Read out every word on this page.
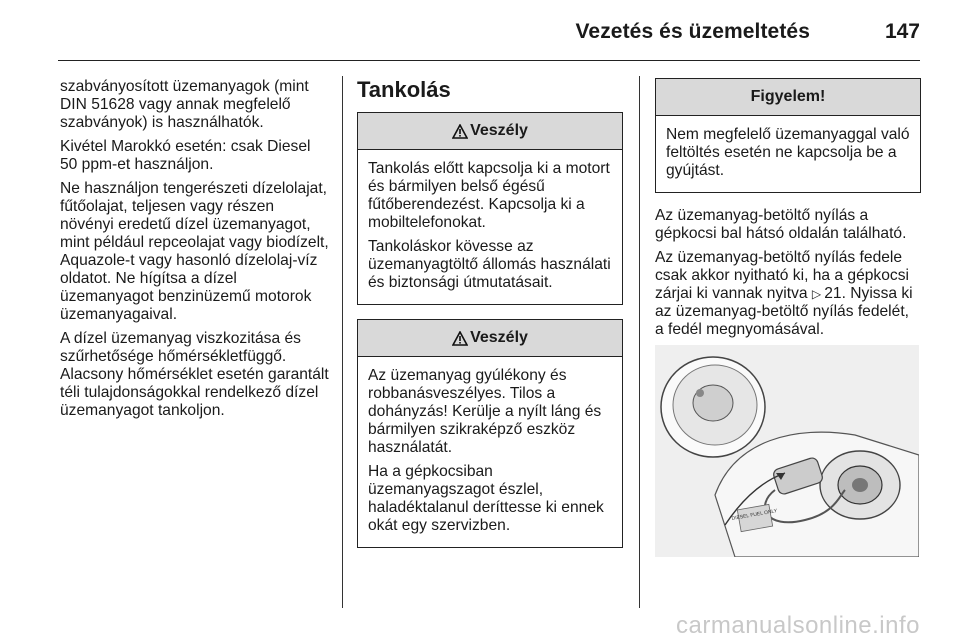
Vezetés és üzemeltetés	147

szabványosított üzemanyagok (mint DIN 51628 vagy annak megfelelő szabványok) is használhatók.

Kivétel Marokkó esetén: csak Diesel 50 ppm-et használjon.

Ne használjon tengerészeti dízelolajat, fűtőolajat, teljesen vagy részen növényi eredetű dízel üzemanyagot, mint például repceolajat vagy biodízelt, Aquazole-t vagy hasonló dízelolaj-víz oldatot. Ne hígítsa a dízel üzemanyagot benzinüzemű motorok üzemanyagaival.

A dízel üzemanyag viszkozitása és szűrhetősége hőmérsékletfüggő. Alacsony hőmérséklet esetén garantált téli tulajdonságokkal rendelkező dízel üzemanyagot tankoljon.

Tankolás
Veszély

Tankolás előtt kapcsolja ki a motort és bármilyen belső égésű fűtőberendezést. Kapcsolja ki a mobiltelefonokat.

Tankoláskor kövesse az üzemanyagtöltő állomás használati és biztonsági útmutatásait.

Veszély

Az üzemanyag gyúlékony és robbanásveszélyes. Tilos a dohányzás! Kerülje a nyílt láng és bármilyen szikraképző eszköz használatát.

Ha a gépkocsiban üzemanyagszagot észlel, haladéktalanul deríttesse ki ennek okát egy szervizben.

Figyelem!

Nem megfelelő üzemanyaggal való feltöltés esetén ne kapcsolja be a gyújtást.

Az üzemanyag-betöltő nyílás a gépkocsi bal hátsó oldalán található.

Az üzemanyag-betöltő nyílás fedele csak akkor nyitható ki, ha a gépkocsi zárjai ki vannak nyitva ▷  21. Nyissa ki az üzemanyag-betöltő nyílás fedelét, a fedél megnyomásával.

DIESEL FUEL ONLY
carmanualsonline.info
